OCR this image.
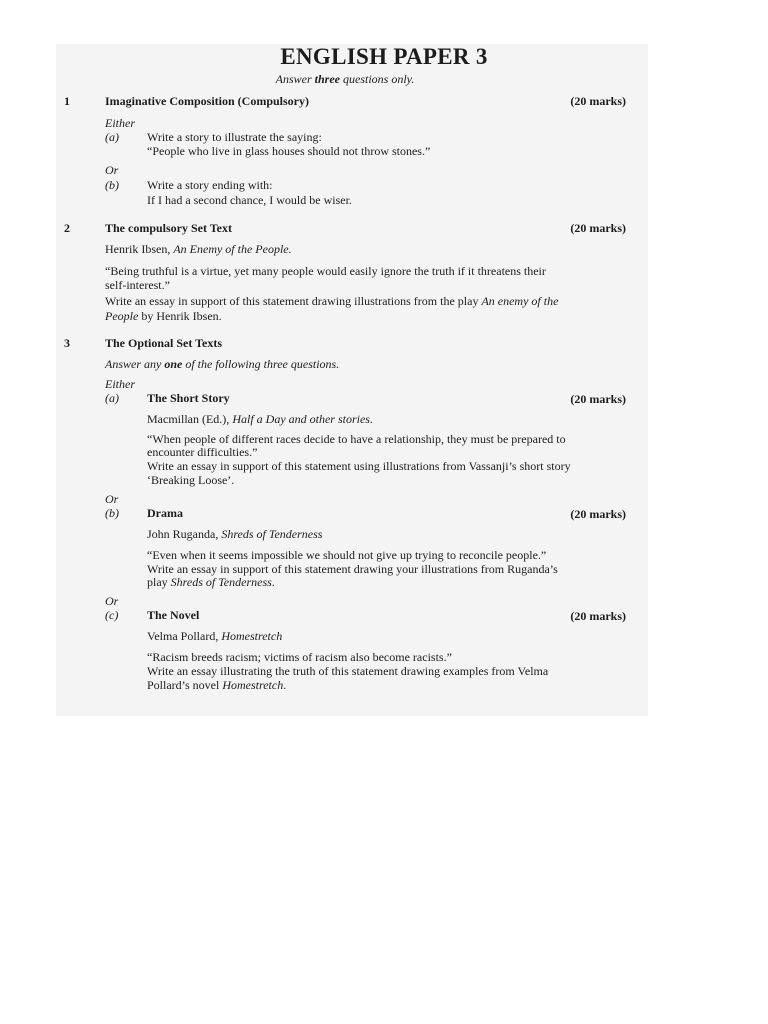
ENGLISH PAPER 3
Answer three questions only.
1	Imaginative Composition (Compulsory)	(20 marks)
Either
(a) Write a story to illustrate the saying:
“People who live in glass houses should not throw stones.”
Or
(b) Write a story ending with:
If I had a second chance, I would be wiser.
2	The compulsory Set Text	(20 marks)
Henrik Ibsen, An Enemy of the People.
“Being truthful is a virtue, yet many people would easily ignore the truth if it threatens their
self-interest.”
Write an essay in support of this statement drawing illustrations from the play An enemy of the
People by Henrik Ibsen.
3	The Optional Set Texts
Answer any one of the following three questions.
Either
(a) The Short Story	(20 marks)
Macmillan (Ed.), Half a Day and other stories.
“When people of different races decide to have a relationship, they must be prepared to
encounter difficulties.”
Write an essay in support of this statement using illustrations from Vassanji’s short story
‘Breaking Loose’.
Or
(b) Drama	(20 marks)
John Ruganda, Shreds of Tenderness
“Even when it seems impossible we should not give up trying to reconcile people.”
Write an essay in support of this statement drawing your illustrations from Ruganda’s
play Shreds of Tenderness.
Or
(c) The Novel	(20 marks)
Velma Pollard, Homestretch
“Racism breeds racism; victims of racism also become racists.”
Write an essay illustrating the truth of this statement drawing examples from Velma
Pollard’s novel Homestretch.
